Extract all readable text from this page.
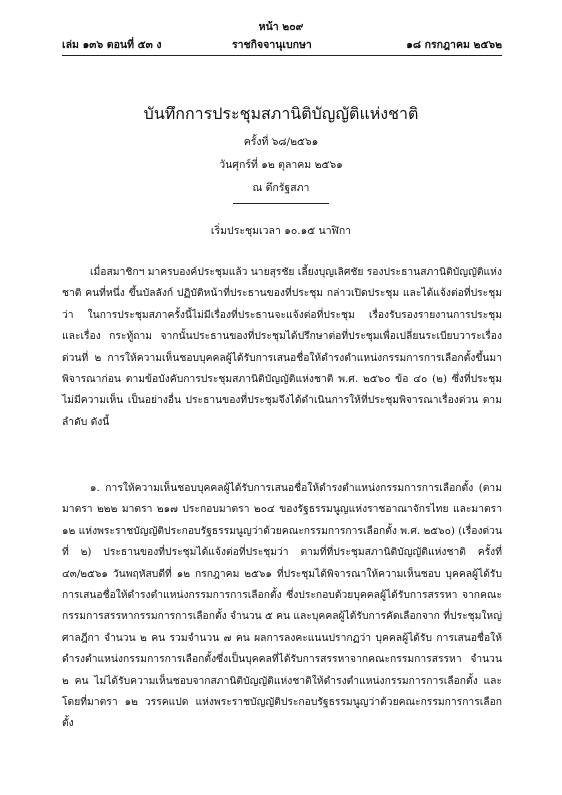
หน้า ๒๐๙
เล่ม ๑๓๖ ตอนที่ ๕๓ ง	ราชกิจจานุเบกษา	๑๘ กรกฎาคม ๒๕๖๒
บันทึกการประชุมสภานิติบัญญัติแห่งชาติ
ครั้งที่ ๖๘/๒๕๖๑
วันศุกร์ที่ ๑๒ ตุลาคม ๒๕๖๑
ณ ตึกรัฐสภา
เริ่มประชุมเวลา ๑๐.๑๕ นาฬิกา

เมื่อสมาชิกฯ มาครบองค์ประชุมแล้ว นายสุรชัย เลี้ยงบุญเลิศชัย รองประธานสภานิติบัญญัติแห่งชาติ คนที่หนึ่ง ขึ้นบัลลังก์ ปฏิบัติหน้าที่ประธานของที่ประชุม กล่าวเปิดประชุม และได้แจ้งต่อที่ประชุมว่า ในการประชุมสภาครั้งนี้ไม่มีเรื่องที่ประธานจะแจ้งต่อที่ประชุม เรื่องรับรองรายงานการประชุม และเรื่อง กระทู้ถาม จากนั้นประธานของที่ประชุมได้ปรึกษาต่อที่ประชุมเพื่อเปลี่ยนระเบียบวาระเรื่องด่วนที่ ๒ การให้ความเห็นชอบบุคคลผู้ได้รับการเสนอชื่อให้ดำรงตำแหน่งกรรมการการเลือกตั้งขึ้นมาพิจารณาก่อน ตามข้อบังคับการประชุมสภานิติบัญญัติแห่งชาติ พ.ศ. ๒๕๖๐ ข้อ ๔๐ (๒) ซึ่งที่ประชุมไม่มีความเห็น เป็นอย่างอื่น ประธานของที่ประชุมจึงได้ดำเนินการให้ที่ประชุมพิจารณาเรื่องด่วน ตามลำดับ ดังนี้

๑. การให้ความเห็นชอบบุคคลผู้ได้รับการเสนอชื่อให้ดำรงตำแหน่งกรรมการการเลือกตั้ง (ตามมาตรา ๒๒๒ มาตรา ๒๑๗ ประกอบมาตรา ๒๐๔ ของรัฐธรรมนูญแห่งราชอาณาจักรไทย และมาตรา ๑๒ แห่งพระราชบัญญัติประกอบรัฐธรรมนูญว่าด้วยคณะกรรมการการเลือกตั้ง พ.ศ. ๒๕๖๐) (เรื่องด่วนที่ ๒) ประธานของที่ประชุมได้แจ้งต่อที่ประชุมว่า ตามที่ที่ประชุมสภานิติบัญญัติแห่งชาติ ครั้งที่ ๔๓/๒๕๖๑ วันพฤหัสบดีที่ ๑๒ กรกฎาคม ๒๕๖๑ ที่ประชุมได้พิจารณาให้ความเห็นชอบ บุคคลผู้ได้รับการเสนอชื่อให้ดำรงตำแหน่งกรรมการการเลือกตั้ง ซึ่งประกอบด้วยบุคคลผู้ได้รับการสรรหา จากคณะกรรมการสรรหากรรมการการเลือกตั้ง จำนวน ๕ คน และบุคคลผู้ได้รับการคัดเลือกจาก ที่ประชุมใหญ่ศาลฎีกา จำนวน ๒ คน รวมจำนวน ๗ คน ผลการลงคะแนนปรากฏว่า บุคคลผู้ได้รับ การเสนอชื่อให้ดำรงตำแหน่งกรรมการการเลือกตั้งซึ่งเป็นบุคคลที่ได้รับการสรรหาจากคณะกรรมการสรรหา จำนวน ๒ คน ไม่ได้รับความเห็นชอบจากสภานิติบัญญัติแห่งชาติให้ดำรงตำแหน่งกรรมการการเลือกตั้ง และโดยที่มาตรา ๑๒ วรรคแปด แห่งพระราชบัญญัติประกอบรัฐธรรมนูญว่าด้วยคณะกรรมการการเลือกตั้ง
